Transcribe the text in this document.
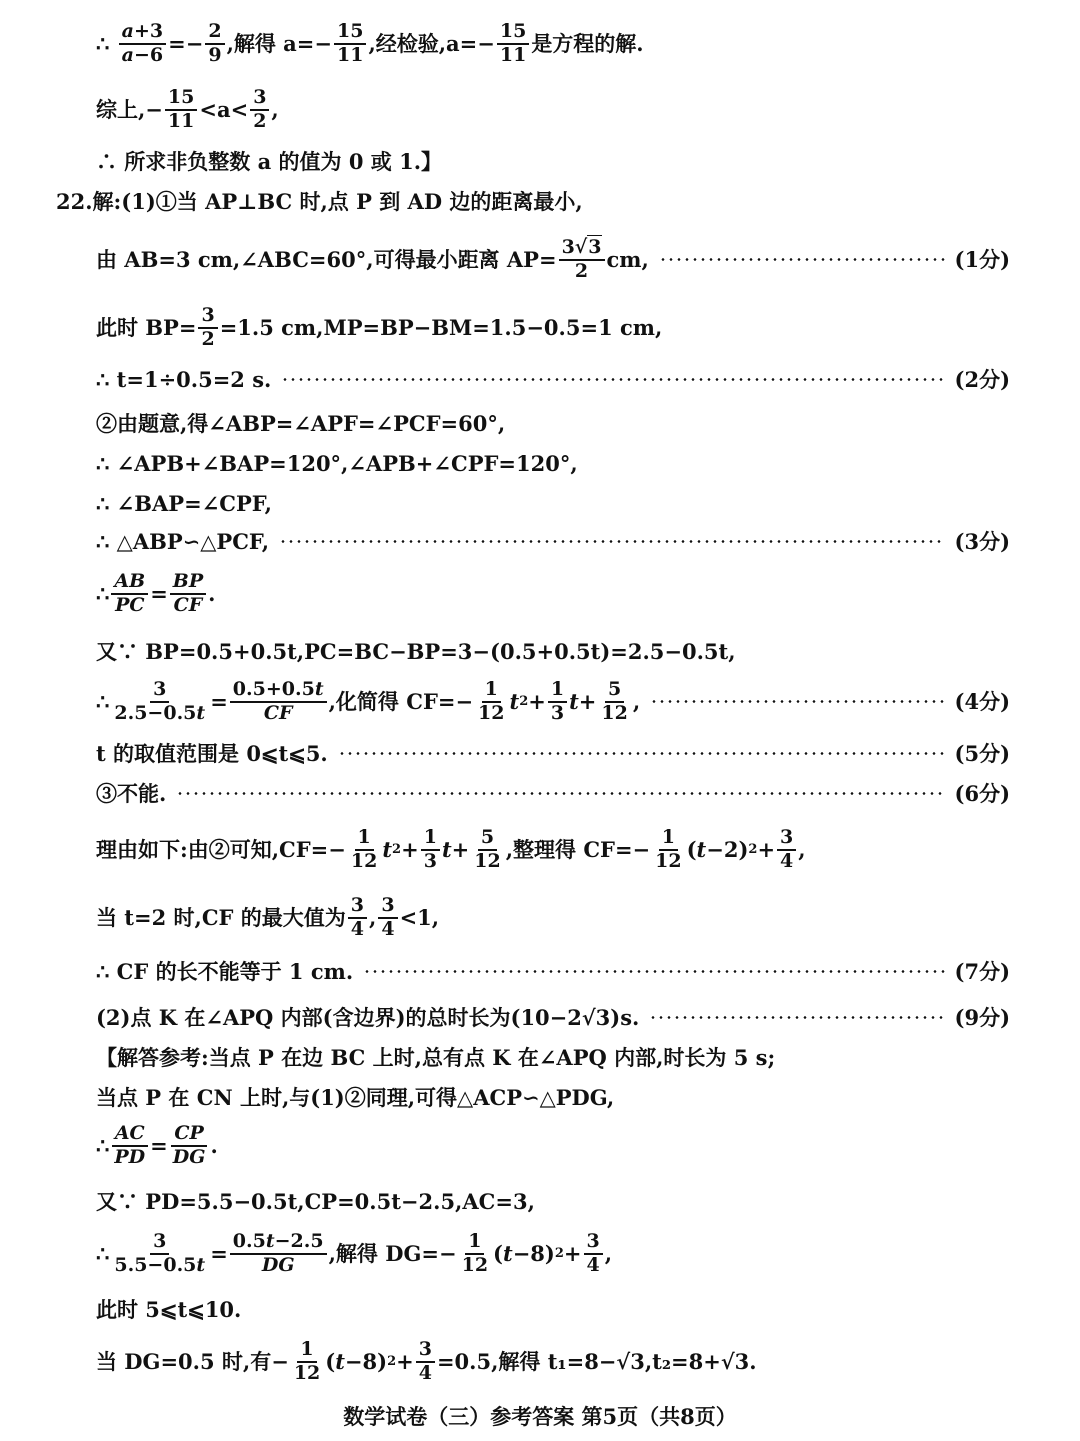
∴ $\frac{a+3}{a-6} =- \frac{2}{9}$ ,解得 $a=- \frac{15}{11}$ ,经检验$,a=- \frac{15}{11}$ 是方程的解.
综上,− $\frac{15}{11} <a< \frac{3}{2}$ ,
∴ 所求非负整数 a 的值为 0 或 1.】
22.解:(1)①当 AP⊥BC 时,点 P 到 AD 边的距离最小,
由 AB=3 cm,∠ABC=60°,可得最小距离 $AP= \frac{3√3}{2}$ cm,	(1分)
此时 $BP= \frac{3}{2} =1.5$ cm,MP=BP−BM=1.5−0.5=1 cm,
∴ t=1÷0.5=2 s.	(2分)
②由题意,得∠ABP=∠APF=∠PCF=60°,
∴ ∠APB+∠BAP=120°,∠APB+∠CPF=120°,
∴ ∠BAP=∠CPF,
∴ △ABP∽△PCF,	(3分)
∴ $\frac{AB}{PC} = \frac{BP}{CF}$ .
又∵ BP=0.5+0.5t,PC=BC−BP=3−(0.5+0.5t)=2.5−0.5t,
∴ $\frac{3}{2.5-0.5t} = \frac{0.5+0.5t}{CF}$ ,化简得 $CF=- \frac{1}{12}$ t $2 + \frac{1}{3}$ $t + \frac{5}{12}$ ,	(4分)
t 的取值范围是 0⩽t⩽5.	(5分)
③不能.	(6分)
理由如下:由②可知$,CF=- \frac{1}{12}$ t $2 + \frac{1}{3}$ $t + \frac{5}{12}$ ,整理得 $CF=- \frac{1}{12}$ ( t −2) $2 + \frac{3}{4}$ ,
当 t=2 时,CF 的最大值为 $\frac{3}{4}$ , $\frac{3}{4} <1$,
∴ CF 的长不能等于 1 cm.	(7分)
(2)点 K 在∠APQ 内部(含边界)的总时长为(10−2√3)s.	(9分)
【解答参考:当点 P 在边 BC 上时,总有点 K 在∠APQ 内部,时长为 5 s;
当点 P 在 CN 上时,与(1)②同理,可得△ACP∽△PDG,
∴ $\frac{AC}{PD} = \frac{CP}{DG}$ .
又∵ PD=5.5−0.5t,CP=0.5t−2.5,AC=3,
∴ $\frac{3}{5.5-0.5t} = \frac{0.5t-2.5}{DG}$ ,解得 $DG=- \frac{1}{12}$ ( t −8) $2 + \frac{3}{4}$ ,
此时 5⩽t⩽10.
当 DG=0.5 时,有− $\frac{1}{12}$ ( t −8) $2 + \frac{3}{4} =0.5$,解得 t₁=8−√3,t₂=8+√3.
数学试卷（三）参考答案 第5页（共8页）
